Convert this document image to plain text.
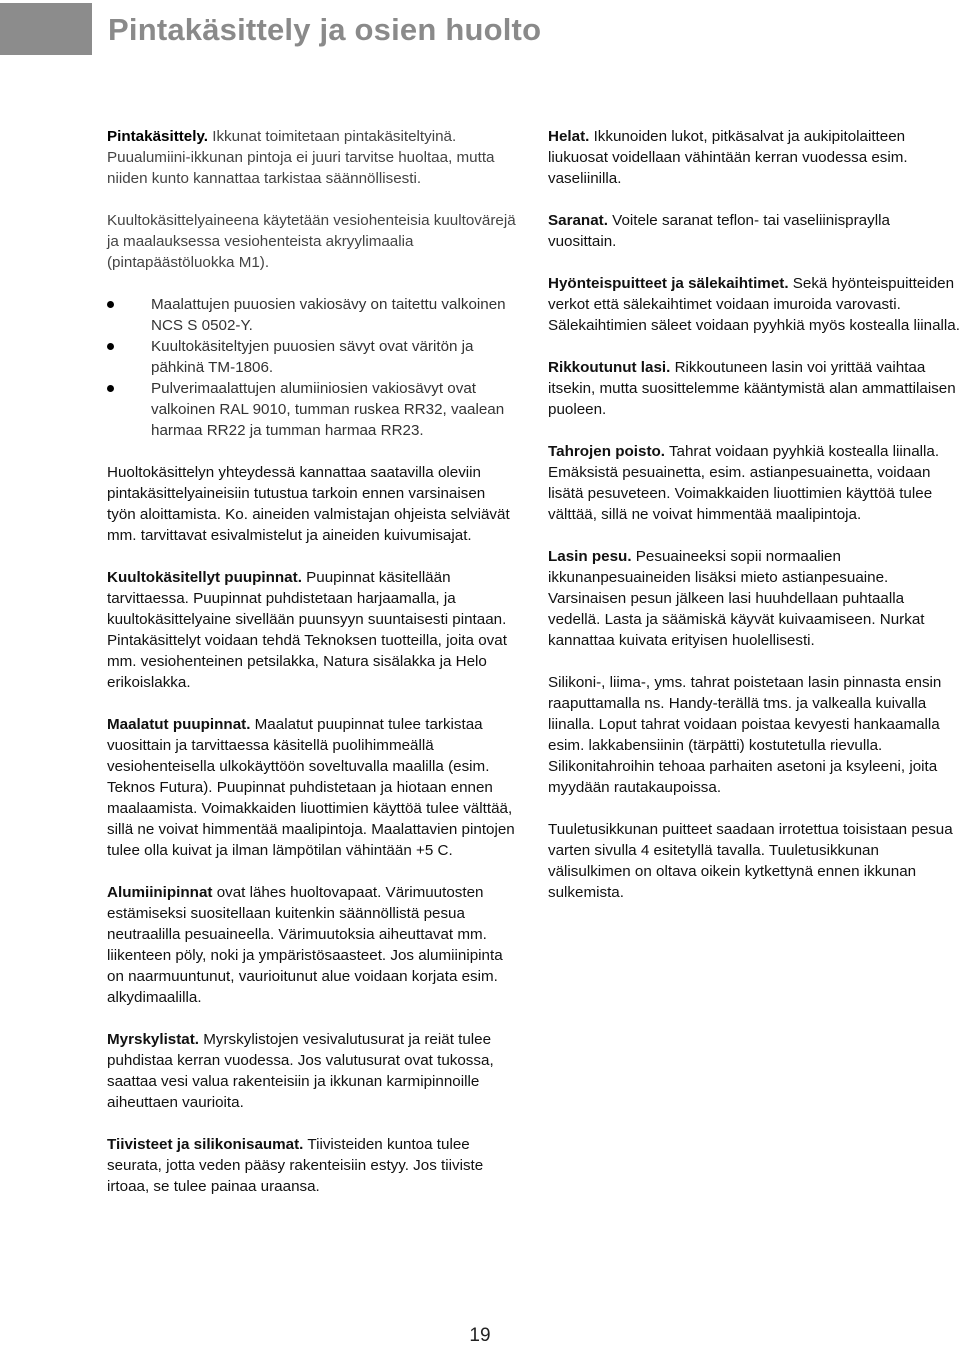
Pintakäsittely ja osien huolto

Pintakäsittely. Ikkunat toimitetaan pintakäsiteltyinä. Puualumiini-ikkunan pintoja ei juuri tarvitse huoltaa, mutta niiden kunto kannattaa tarkistaa säännöllisesti.

Kuultokäsittelyaineena käytetään vesiohenteisia kuultovärejä ja maalauksessa vesiohenteista akryylimaalia (pintapäästöluokka M1).

Maalattujen puuosien vakiosävy on taitettu valkoinen NCS S 0502-Y.
Kuultokäsiteltyjen puuosien sävyt ovat väritön ja pähkinä TM-1806.
Pulverimaalattujen alumiiniosien vakiosävyt ovat valkoinen RAL 9010, tumman ruskea RR32, vaalean harmaa RR22 ja tumman harmaa RR23.

Huoltokäsittelyn yhteydessä kannattaa saatavilla oleviin pintakäsittelyaineisiin tutustua tarkoin ennen varsinaisen työn aloittamista. Ko. aineiden valmistajan ohjeista selviävät mm. tarvittavat esivalmistelut ja aineiden kuivumisajat.

Kuultokäsitellyt puupinnat. Puupinnat käsitellään tarvittaessa. Puupinnat puhdistetaan harjaamalla, ja kuultokäsittelyaine sivellään puunsyyn suuntaisesti pintaan. Pintakäsittelyt voidaan tehdä Teknoksen tuotteilla, joita ovat mm. vesiohenteinen petsilakka, Natura sisälakka ja Helo erikoislakka.

Maalatut puupinnat. Maalatut puupinnat tulee tarkistaa vuosittain ja tarvittaessa käsitellä puolihimmeällä vesiohenteisella ulkokäyttöön soveltuvalla maalilla (esim. Teknos Futura). Puupinnat puhdistetaan ja hiotaan ennen maalaamista. Voimakkaiden liuottimien käyttöä tulee välttää, sillä ne voivat himmentää maalipintoja. Maalattavien pintojen tulee olla kuivat ja ilman lämpötilan vähintään +5 C.

Alumiinipinnat ovat lähes huoltovapaat. Värimuutosten estämiseksi suositellaan kuitenkin säännöllistä pesua neutraalilla pesuaineella. Värimuutoksia aiheuttavat mm. liikenteen pöly, noki ja ympäristösaasteet. Jos alumiinipinta on naarmuuntunut, vaurioitunut alue voidaan korjata esim. alkydimaalilla.

Myrskylistat. Myrskylistojen vesivalutusurat ja reiät tulee puhdistaa kerran vuodessa. Jos valutusurat ovat tukossa, saattaa vesi valua rakenteisiin ja ikkunan karmipinnoille aiheuttaen vaurioita.

Tiivisteet ja silikonisaumat. Tiivisteiden kuntoa tulee seurata, jotta veden pääsy rakenteisiin estyy. Jos tiiviste irtoaa, se tulee painaa uraansa.

Helat. Ikkunoiden lukot, pitkäsalvat ja aukipitolaitteen liukuosat voidellaan vähintään kerran vuodessa esim. vaseliinilla.

Saranat. Voitele saranat teflon- tai vaseliinispraylla vuosittain.

Hyönteispuitteet ja sälekaihtimet. Sekä hyönteispuitteiden verkot että sälekaihtimet voidaan imuroida varovasti. Sälekaihtimien säleet voidaan pyyhkiä myös kostealla liinalla.

Rikkoutunut lasi. Rikkoutuneen lasin voi yrittää vaihtaa itsekin, mutta suosittelemme kääntymistä alan ammattilaisen puoleen.

Tahrojen poisto. Tahrat voidaan pyyhkiä kostealla liinalla. Emäksistä pesuainetta, esim. astianpesuainetta, voidaan lisätä pesuveteen. Voimakkaiden liuottimien käyttöä tulee välttää, sillä ne voivat himmentää maalipintoja.

Lasin pesu. Pesuaineeksi sopii normaalien ikkunanpesuaineiden lisäksi mieto astianpesuaine. Varsinaisen pesun jälkeen lasi huuhdellaan puhtaalla vedellä. Lasta ja säämiskä käyvät kuivaamiseen. Nurkat kannattaa kuivata erityisen huolellisesti.

Silikoni-, liima-, yms. tahrat poistetaan lasin pinnasta ensin raaputtamalla ns. Handy-terällä tms. ja valkealla kuivalla liinalla. Loput tahrat voidaan poistaa kevyesti hankaamalla esim. lakkabensiinin (tärpätti) kostutetulla rievulla. Silikonitahroihin tehoaa parhaiten asetoni ja ksyleeni, joita myydään rautakaupoissa.

Tuuletusikkunan puitteet saadaan irrotettua toisistaan pesua varten sivulla 4 esitetyllä tavalla. Tuuletusikkunan välisulkimen on oltava oikein kytkettynä ennen ikkunan sulkemista.

19
